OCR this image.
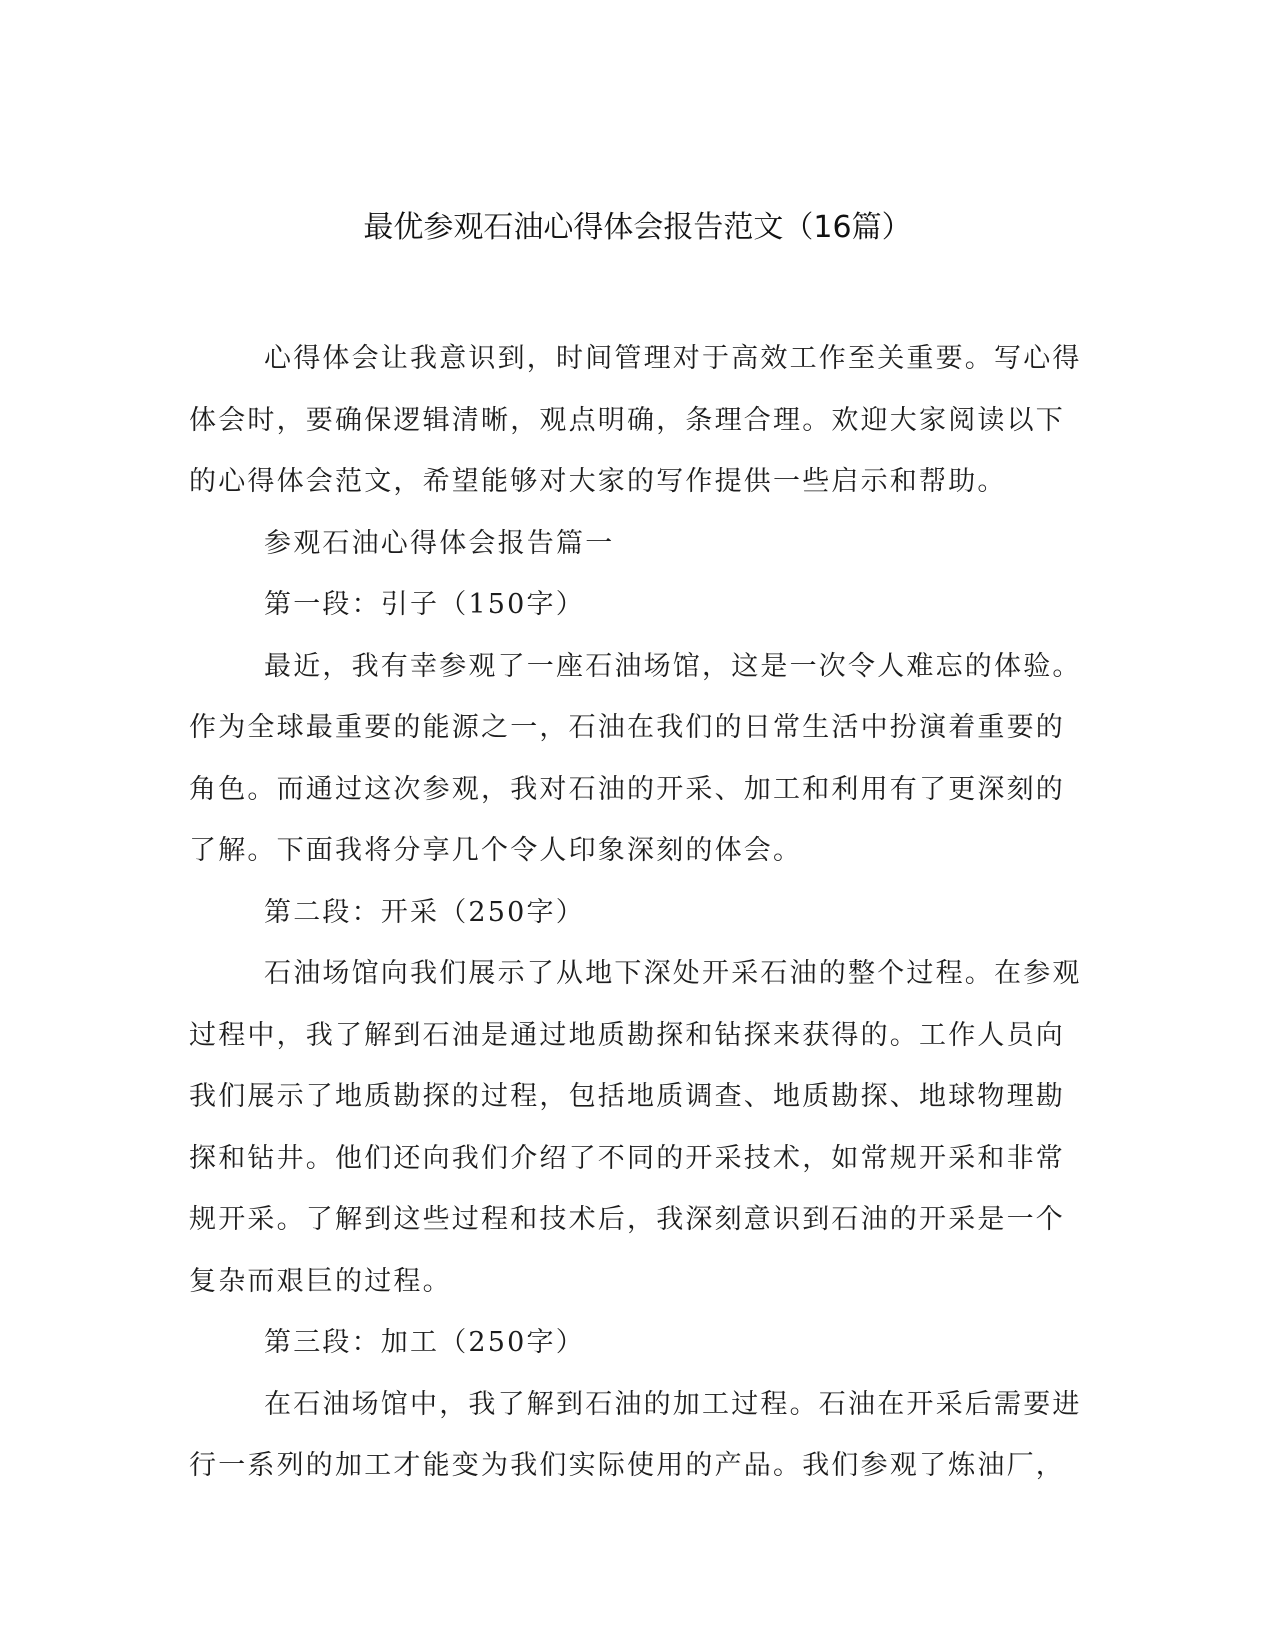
最优参观石油心得体会报告范文（16篇）
心得体会让我意识到，时间管理对于高效工作至关重要。写心得
体会时，要确保逻辑清晰，观点明确，条理合理。欢迎大家阅读以下
的心得体会范文，希望能够对大家的写作提供一些启示和帮助。
参观石油心得体会报告篇一
第一段：引子（150字）
最近，我有幸参观了一座石油场馆，这是一次令人难忘的体验。
作为全球最重要的能源之一，石油在我们的日常生活中扮演着重要的
角色。而通过这次参观，我对石油的开采、加工和利用有了更深刻的
了解。下面我将分享几个令人印象深刻的体会。
第二段：开采（250字）
石油场馆向我们展示了从地下深处开采石油的整个过程。在参观
过程中，我了解到石油是通过地质勘探和钻探来获得的。工作人员向
我们展示了地质勘探的过程，包括地质调查、地质勘探、地球物理勘
探和钻井。他们还向我们介绍了不同的开采技术，如常规开采和非常
规开采。了解到这些过程和技术后，我深刻意识到石油的开采是一个
复杂而艰巨的过程。
第三段：加工（250字）
在石油场馆中，我了解到石油的加工过程。石油在开采后需要进
行一系列的加工才能变为我们实际使用的产品。我们参观了炼油厂，
